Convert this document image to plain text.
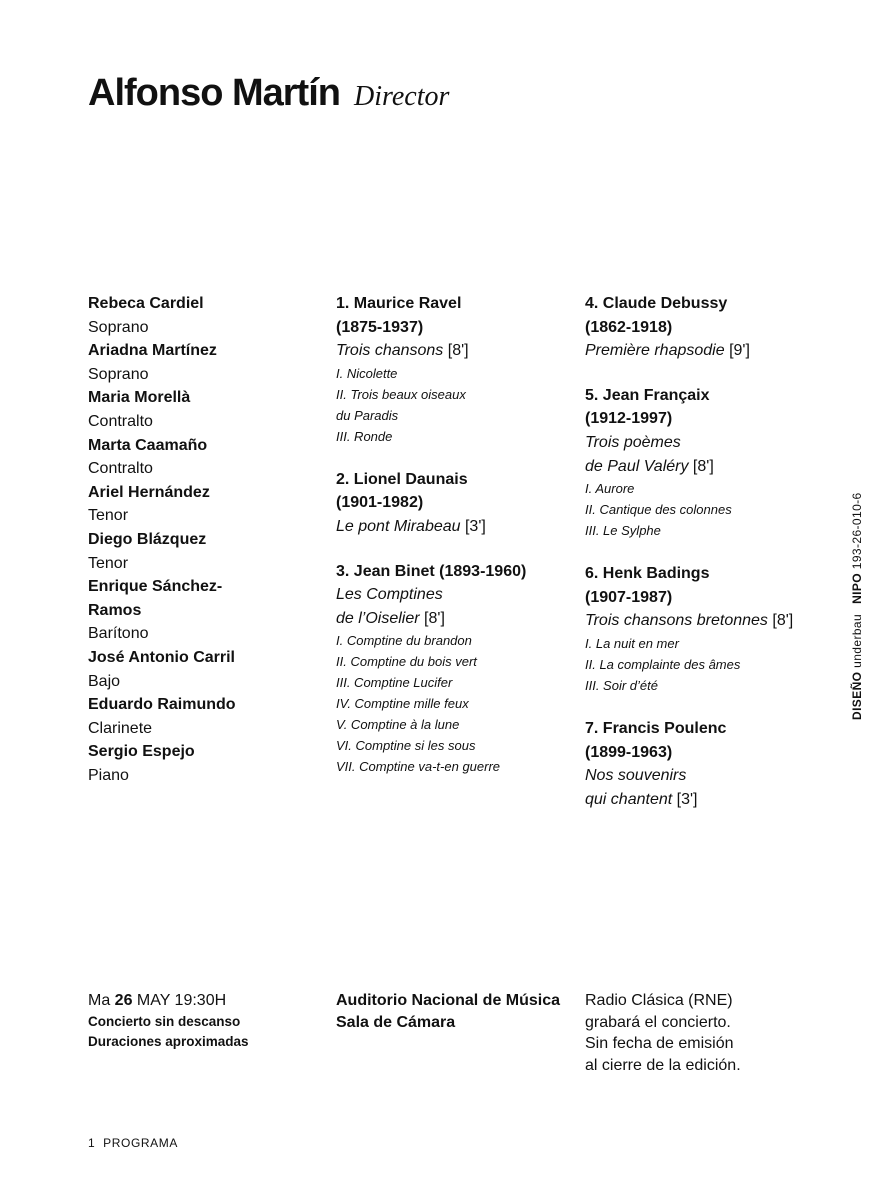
Alfonso Martín Director
Rebeca Cardiel
Soprano
Ariadna Martínez
Soprano
Maria Morellà
Contralto
Marta Caamaño
Contralto
Ariel Hernández
Tenor
Diego Blázquez
Tenor
Enrique Sánchez-
Ramos
Barítono
José Antonio Carril
Bajo
Eduardo Raimundo
Clarinete
Sergio Espejo
Piano
1. Maurice Ravel
(1875-1937)
Trois chansons [8']
I. Nicolette
II. Trois beaux oiseaux
du Paradis
III. Ronde
2. Lionel Daunais
(1901-1982)
Le pont Mirabeau [3']
3. Jean Binet (1893-1960)
Les Comptines
de l’Oiselier [8']
I. Comptine du brandon
II. Comptine du bois vert
III. Comptine Lucifer
IV. Comptine mille feux
V. Comptine à la lune
VI. Comptine si les sous
VII. Comptine va-t-en guerre
4. Claude Debussy
(1862-1918)
Première rhapsodie [9']
5. Jean Françaix
(1912-1997)
Trois poèmes
de Paul Valéry [8']
I. Aurore
II. Cantique des colonnes
III. Le Sylphe
6. Henk Badings
(1907-1987)
Trois chansons bretonnes [8']
I. La nuit en mer
II. La complainte des âmes
III. Soir d’été
7. Francis Poulenc
(1899-1963)
Nos souvenirs
qui chantent [3']
Ma 26 MAY 19:30H
Concierto sin descanso
Duraciones aproximadas
Auditorio Nacional de Música
Sala de Cámara
Radio Clásica (RNE)
grabará el concierto.
Sin fecha de emisión
al cierre de la edición.
1 PROGRAMA
DISEÑO underbauNIPO 193-26-010-6
